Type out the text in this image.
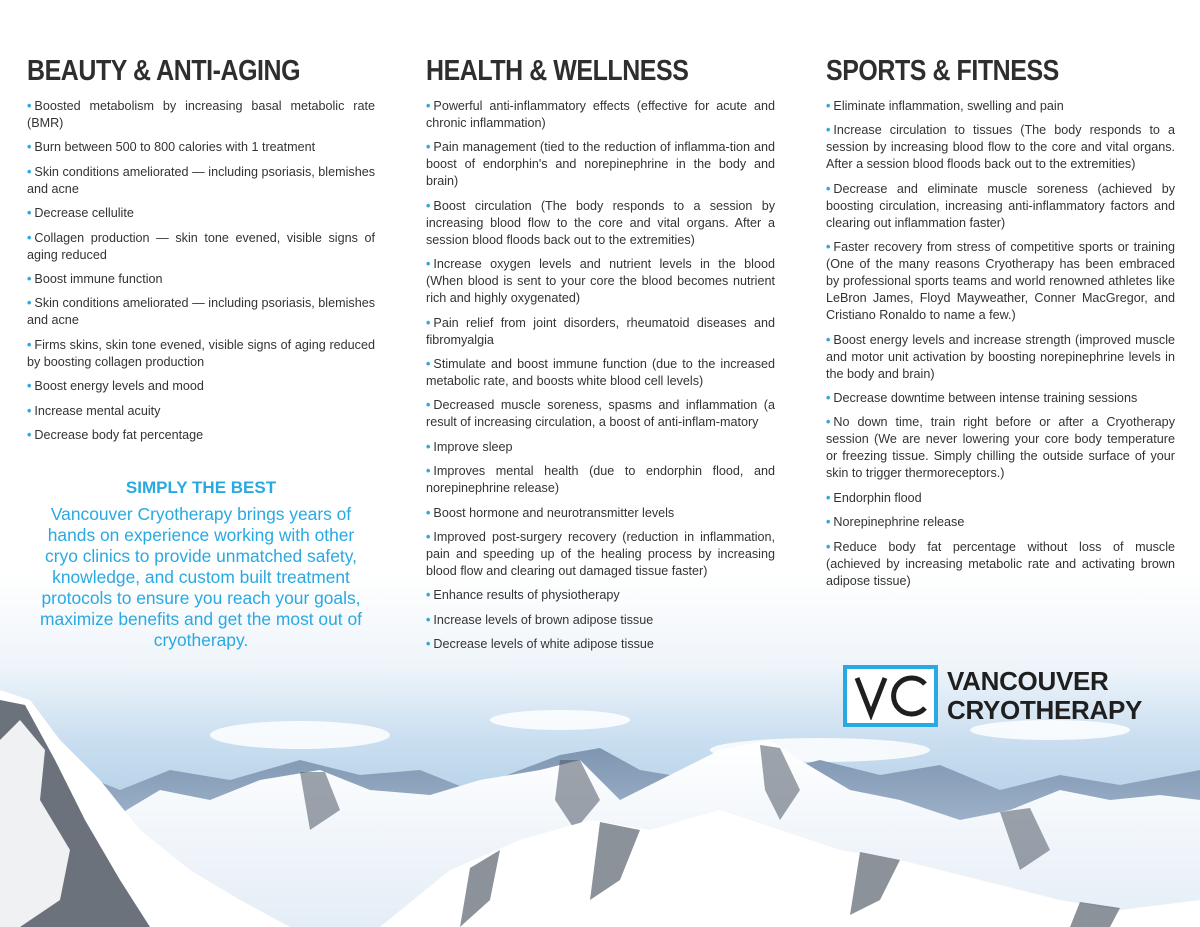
BEAUTY & ANTI-AGING
• Boosted metabolism by increasing basal metabolic rate (BMR)
• Burn between 500 to 800 calories with 1 treatment
• Skin conditions ameliorated — including psoriasis, blemishes and acne
• Decrease cellulite
• Collagen production — skin tone evened, visible signs of aging reduced
• Boost immune function
• Skin conditions ameliorated — including psoriasis, blemishes and acne
• Firms skins, skin tone evened, visible signs of aging reduced by boosting collagen production
• Boost energy levels and mood
• Increase mental acuity
• Decrease body fat percentage
HEALTH & WELLNESS
• Powerful anti-inflammatory effects (effective for acute and chronic inflammation)
• Pain management (tied to the reduction of inflamma-tion and boost of endorphin's and norepinephrine in the body and brain)
• Boost circulation (The body responds to a session by increasing blood flow to the core and vital organs. After a session blood floods back out to the extremities)
• Increase oxygen levels and nutrient levels in the blood (When blood is sent to your core the blood becomes nutrient rich and highly oxygenated)
• Pain relief from joint disorders, rheumatoid diseases and fibromyalgia
• Stimulate and boost immune function (due to the increased metabolic rate, and boosts white blood cell levels)
• Decreased muscle soreness, spasms and inflammation (a result of increasing circulation, a boost of anti-inflam-matory
• Improve sleep
• Improves mental health (due to endorphin flood, and norepinephrine release)
• Boost hormone and neurotransmitter levels
• Improved post-surgery recovery (reduction in inflammation, pain and speeding up of the healing process by increasing blood flow and clearing out damaged tissue faster)
• Enhance results of physiotherapy
• Increase levels of brown adipose tissue
• Decrease levels of white adipose tissue
SPORTS & FITNESS
• Eliminate inflammation, swelling and pain
• Increase circulation to tissues (The body responds to a session by increasing blood flow to the core and vital organs. After a session blood floods back out to the extremities)
• Decrease and eliminate muscle soreness (achieved by boosting circulation, increasing anti-inflammatory factors and clearing out inflammation faster)
• Faster recovery from stress of competitive sports or training (One of the many reasons Cryotherapy has been embraced by professional sports teams and world renowned athletes like LeBron James, Floyd Mayweather, Conner MacGregor, and Cristiano Ronaldo to name a few.)
• Boost energy levels and increase strength (improved muscle and motor unit activation by boosting norepinephrine levels in the body and brain)
• Decrease downtime between intense training sessions
• No down time, train right before or after a Cryotherapy session (We are never lowering your core body temperature or freezing tissue. Simply chilling the outside surface of your skin to trigger thermoreceptors.)
• Endorphin flood
• Norepinephrine release
• Reduce body fat percentage without loss of muscle (achieved by increasing metabolic rate and activating brown adipose tissue)
SIMPLY THE BEST

Vancouver Cryotherapy brings years of hands on experience working with other cryo clinics to provide unmatched safety, knowledge, and custom built treatment protocols to ensure you reach your goals, maximize benefits and get the most out of cryotherapy.

VANCOUVER
CRYOTHERAPY
